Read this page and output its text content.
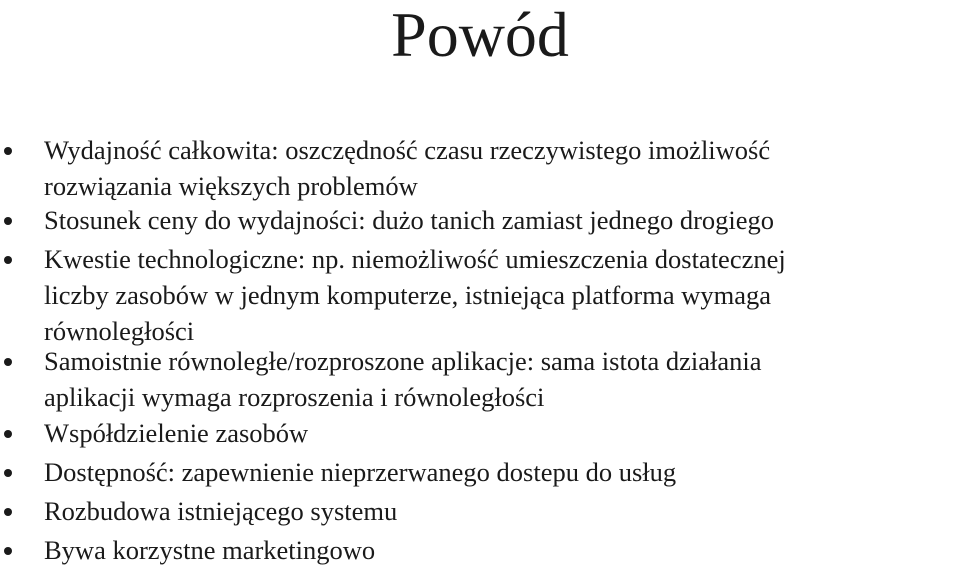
Powód
Wydajność całkowita: oszczędność czasu rzeczywistego imożliwość
rozwiązania większych problemów
Stosunek ceny do wydajności: dużo tanich zamiast jednego drogiego
Kwestie technologiczne: np. niemożliwość umieszczenia dostatecznej
liczby zasobów w jednym komputerze, istniejąca platforma wymaga
równoległości
Samoistnie równoległe/rozproszone aplikacje: sama istota działania
aplikacji wymaga rozproszenia i równoległości
Współdzielenie zasobów
Dostępność: zapewnienie nieprzerwanego dostepu do usług
Rozbudowa istniejącego systemu
Bywa korzystne marketingowo
